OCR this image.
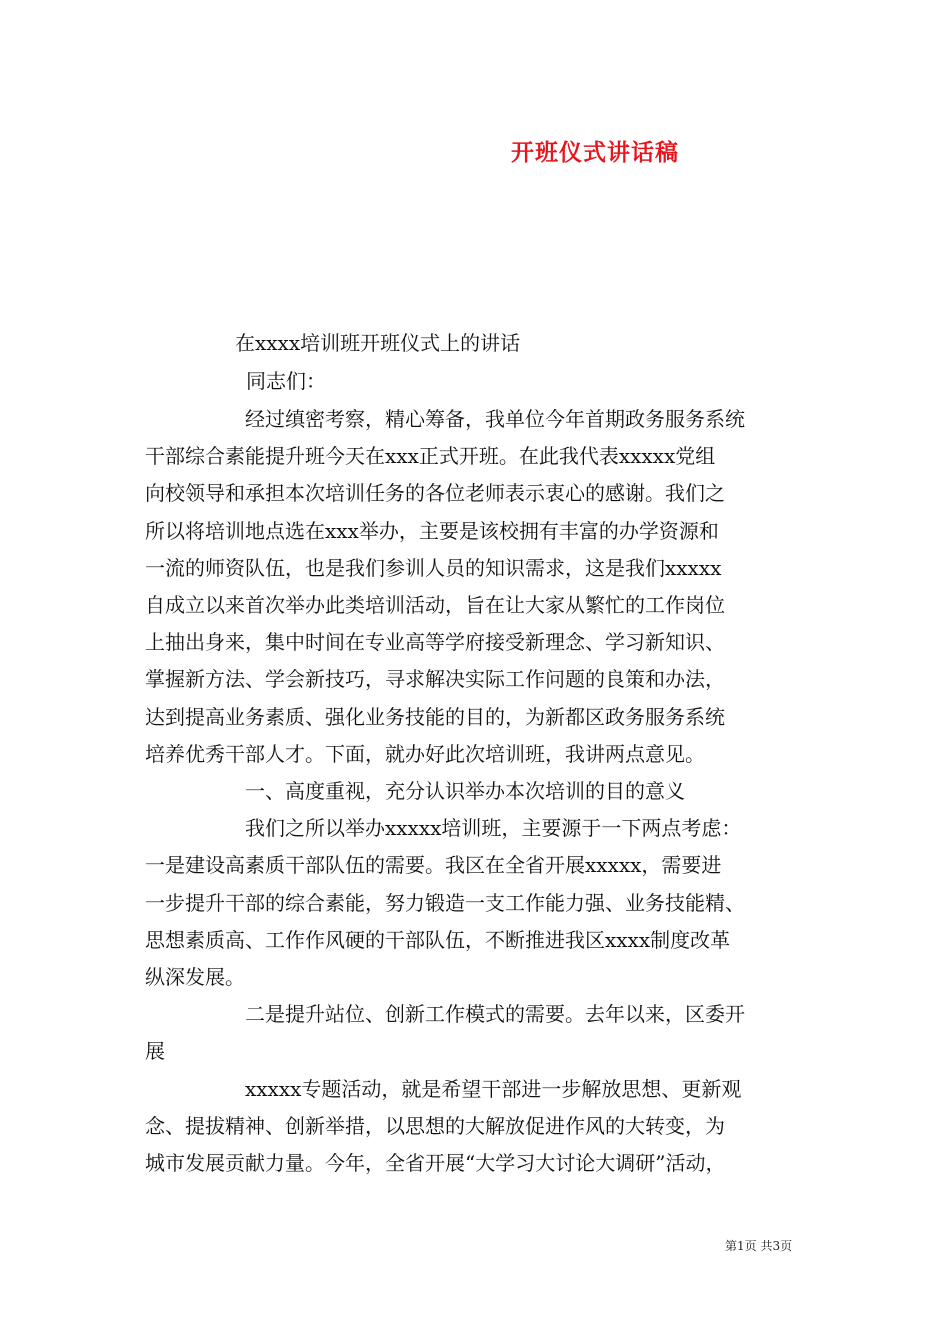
开班仪式讲话稿
在xxxx培训班开班仪式上的讲话
同志们：

经过缜密考察，精心筹备，我单位今年首期政务服务系统
干部综合素能提升班今天在xxx正式开班。在此我代表xxxxx党组
向校领导和承担本次培训任务的各位老师表示衷心的感谢。我们之
所以将培训地点选在xxx举办，主要是该校拥有丰富的办学资源和
一流的师资队伍，也是我们参训人员的知识需求，这是我们xxxxx
自成立以来首次举办此类培训活动，旨在让大家从繁忙的工作岗位
上抽出身来，集中时间在专业高等学府接受新理念、学习新知识、
掌握新方法、学会新技巧，寻求解决实际工作问题的良策和办法，
达到提高业务素质、强化业务技能的目的，为新都区政务服务系统
培养优秀干部人才。下面，就办好此次培训班，我讲两点意见。

一、高度重视，充分认识举办本次培训的目的意义

我们之所以举办xxxxx培训班，主要源于一下两点考虑：
一是建设高素质干部队伍的需要。我区在全省开展xxxxx，需要进
一步提升干部的综合素能，努力锻造一支工作能力强、业务技能精、
思想素质高、工作作风硬的干部队伍，不断推进我区xxxx制度改革
纵深发展。

二是提升站位、创新工作模式的需要。去年以来，区委开
展

xxxxx专题活动，就是希望干部进一步解放思想、更新观
念、提拔精神、创新举措，以思想的大解放促进作风的大转变，为
城市发展贡献力量。今年，全省开展“大学习大讨论大调研”活动，

第1页 共3页
